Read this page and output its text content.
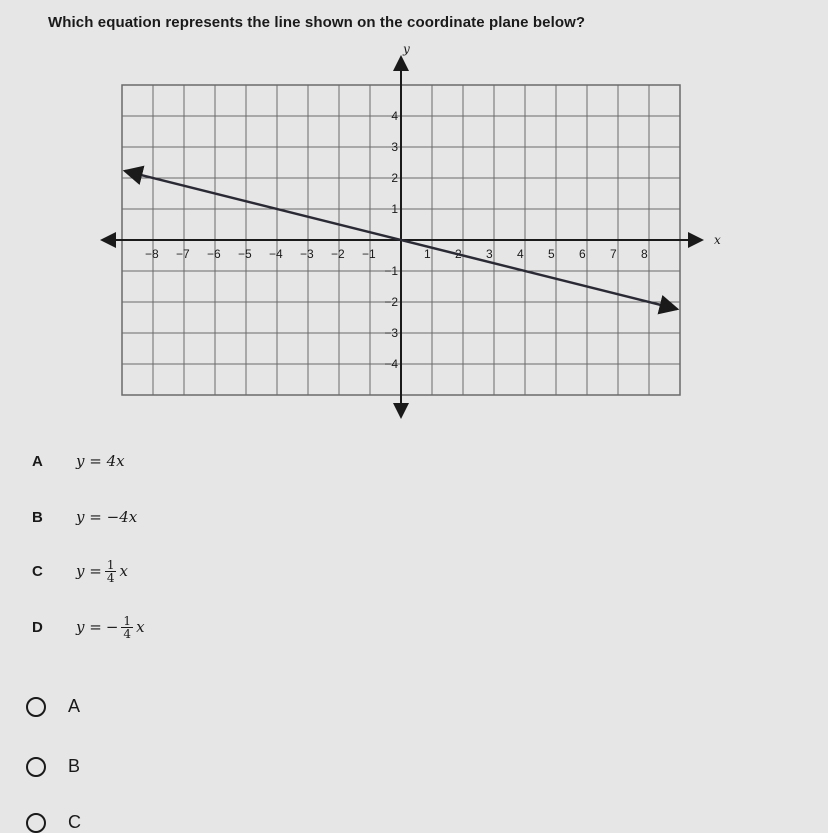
Which equation represents the line shown on the coordinate plane below?
x
y
−8 −7 −6 −5 −4 −3 −2 −1	1	3 4 5 6 7 8
4
3
2
1
−1
−2
−3
−4
A	y
=
4x
B	y
=
−4x
C	y
= $\frac{1}{4}$ x
D	y
= − $\frac{1}{4}$ x
A
B
C
